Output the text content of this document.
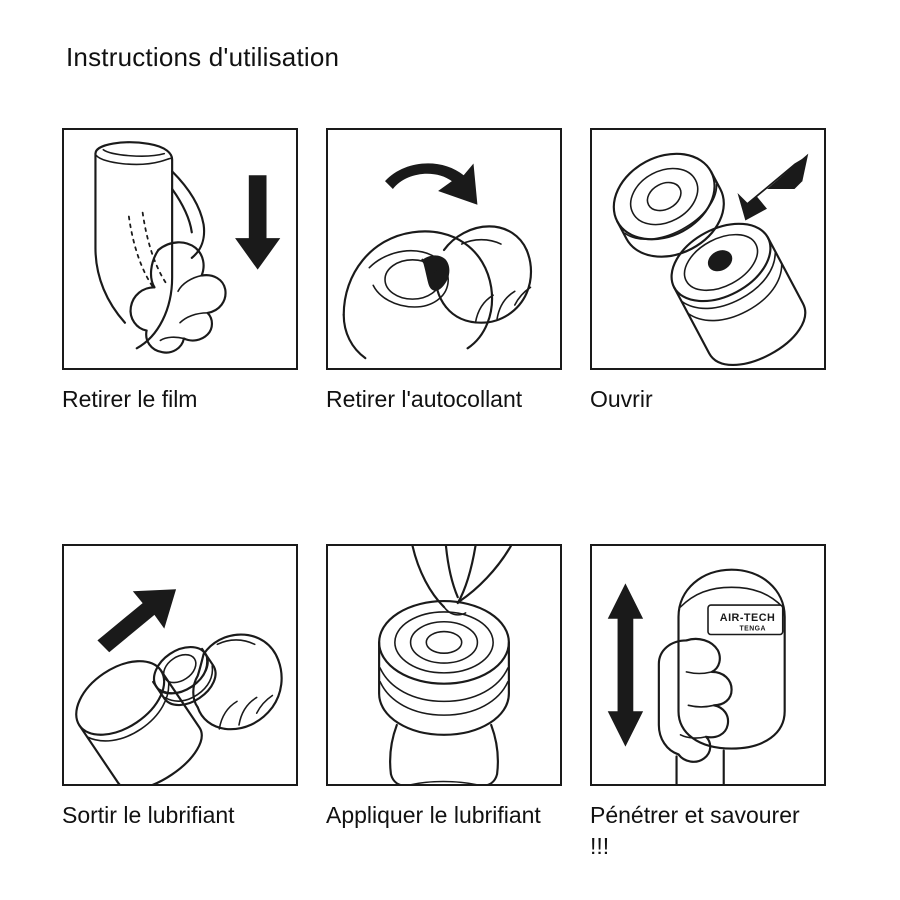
Instructions d'utilisation
Retirer le film	Retirer l'autocollant	Ouvrir
Sortir le lubrifiant	Appliquer le lubrifiant
AIR-TECH
TENGA
Pénétrer et savourer !!!
